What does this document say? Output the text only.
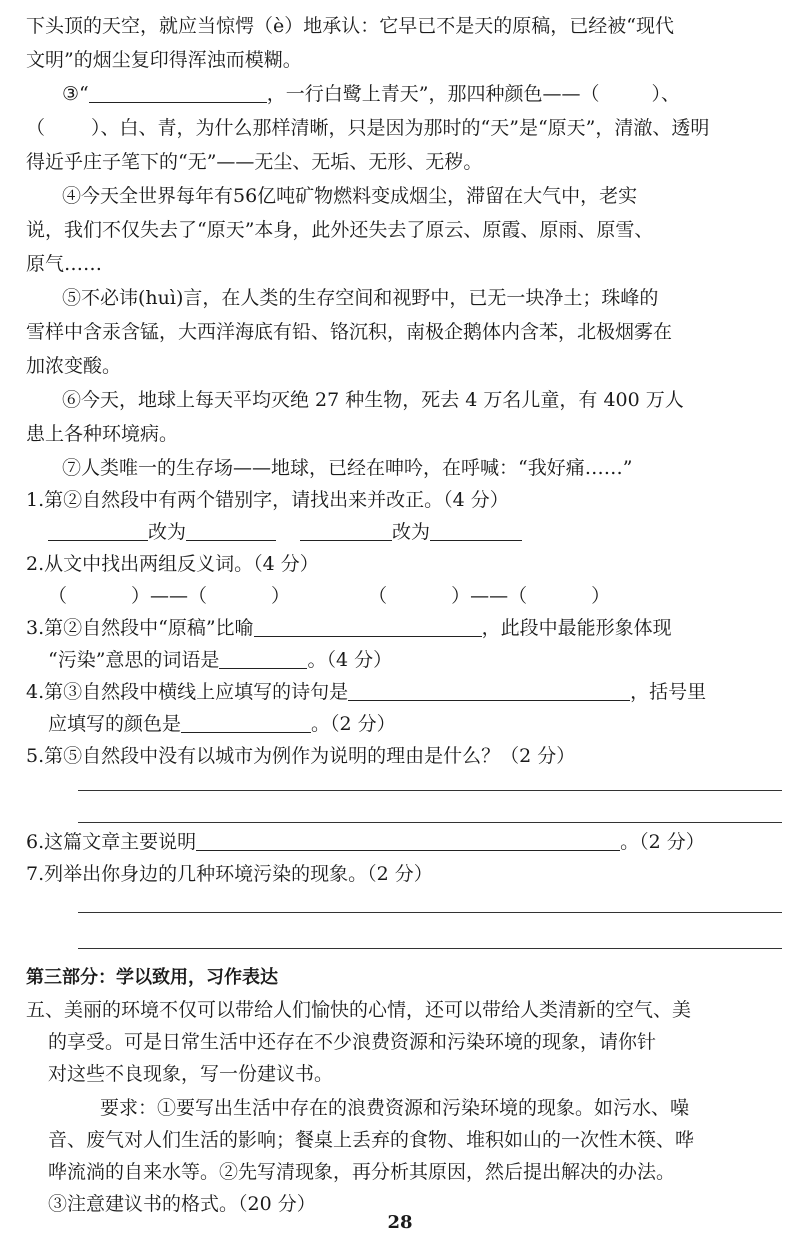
下头顶的天空，就应当惊愕（è）地承认：它早已不是天的原稿，已经被“现代
文明”的烟尘复印得浑浊而模糊。
③“	，一行白鹭上青天”，那四种颜色——（	）、
（ ）、白、青，为什么那样清晰，只是因为那时的“天”是“原天”，清澈、透明
得近乎庄子笔下的“无”——无尘、无垢、无形、无秽。
④今天全世界每年有56亿吨矿物燃料变成烟尘，滞留在大气中，老实
说，我们不仅失去了“原天”本身，此外还失去了原云、原霞、原雨、原雪、
原气……
⑤不必讳(huì)言，在人类的生存空间和视野中，已无一块净土；珠峰的
雪样中含汞含锰，大西洋海底有铅、铬沉积，南极企鹅体内含苯，北极烟雾在
加浓变酸。
⑥今天，地球上每天平均灭绝 27 种生物，死去 4 万名儿童，有 400 万人
患上各种环境病。
⑦人类唯一的生存场——地球，已经在呻吟，在呼喊：“我好痛……”
1.第②自然段中有两个错别字，请找出来并改正。（4 分）
改为	改为
2.从文中找出两组反义词。（4 分）
（	）——（	）	（	）——（	）
3.第②自然段中“原稿”比喻	，此段中最能形象体现
“污染”意思的词语是	。（4 分）
4.第③自然段中横线上应填写的诗句是	，括号里
应填写的颜色是	。（2 分）
5.第⑤自然段中没有以城市为例作为说明的理由是什么？（2 分）
6.这篇文章主要说明	。（2 分）
7.列举出你身边的几种环境污染的现象。（2 分）
第三部分：学以致用，习作表达
五、美丽的环境不仅可以带给人们愉快的心情，还可以带给人类清新的空气、美
的享受。可是日常生活中还存在不少浪费资源和污染环境的现象，请你针
对这些不良现象，写一份建议书。
要求：①要写出生活中存在的浪费资源和污染环境的现象。如污水、噪
音、废气对人们生活的影响；餐桌上丢弃的食物、堆积如山的一次性木筷、哗
哗流淌的自来水等。②先写清现象，再分析其原因，然后提出解决的办法。
③注意建议书的格式。（20 分）
28
